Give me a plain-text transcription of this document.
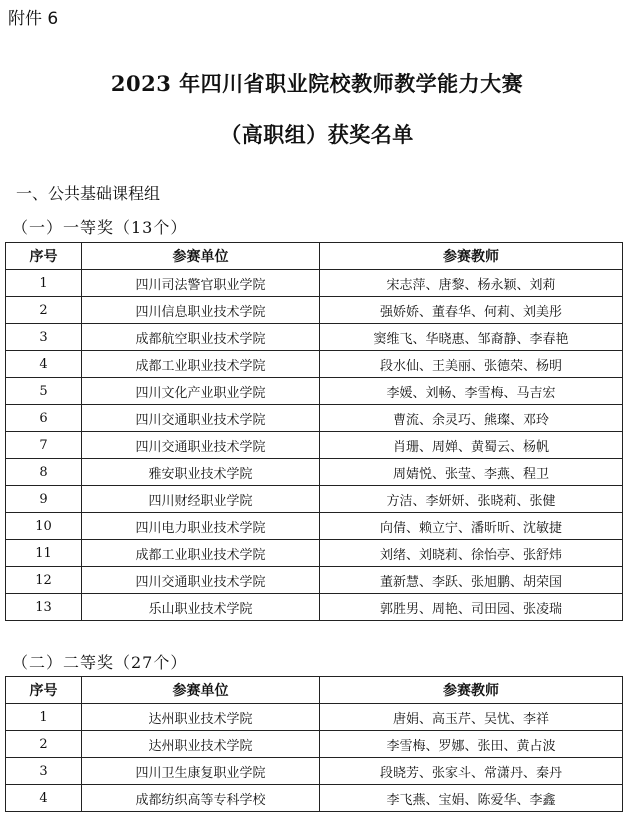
附件 6
2023 年四川省职业院校教师教学能力大赛
（高职组）获奖名单
一、公共基础课程组
（一）一等奖（13个）
序号	参赛单位	参赛教师
1	四川司法警官职业学院	宋志萍、唐黎、杨永颖、刘莉
2	四川信息职业技术学院	强娇娇、董春华、何莉、刘美彤
3	成都航空职业技术学院	窦维飞、华晓惠、邹裔静、李春艳
4	成都工业职业技术学院	段水仙、王美丽、张德荣、杨明
5	四川文化产业职业学院	李媛、刘畅、李雪梅、马吉宏
6	四川交通职业技术学院	曹流、余灵巧、熊璨、邓玲
7	四川交通职业技术学院	肖珊、周婵、黄蜀云、杨帆
8	雅安职业技术学院	周婧悦、张莹、李燕、程卫
9	四川财经职业学院	方洁、李妍妍、张晓莉、张健
10	四川电力职业技术学院	向倩、赖立宁、潘昕昕、沈敏捷
11	成都工业职业技术学院	刘绪、刘晓莉、徐怡亭、张舒炜
12	四川交通职业技术学院	董新慧、李跃、张旭鹏、胡荣国
13	乐山职业技术学院	郭胜男、周艳、司田园、张凌瑞
（二）二等奖（27个）
序号	参赛单位	参赛教师
1	达州职业技术学院	唐娟、高玉芹、吴忧、李祥
2	达州职业技术学院	李雪梅、罗娜、张田、黄占波
3	四川卫生康复职业学院	段晓芳、张家斗、常潇丹、秦丹
4	成都纺织高等专科学校	李飞燕、宝娟、陈爱华、李鑫
